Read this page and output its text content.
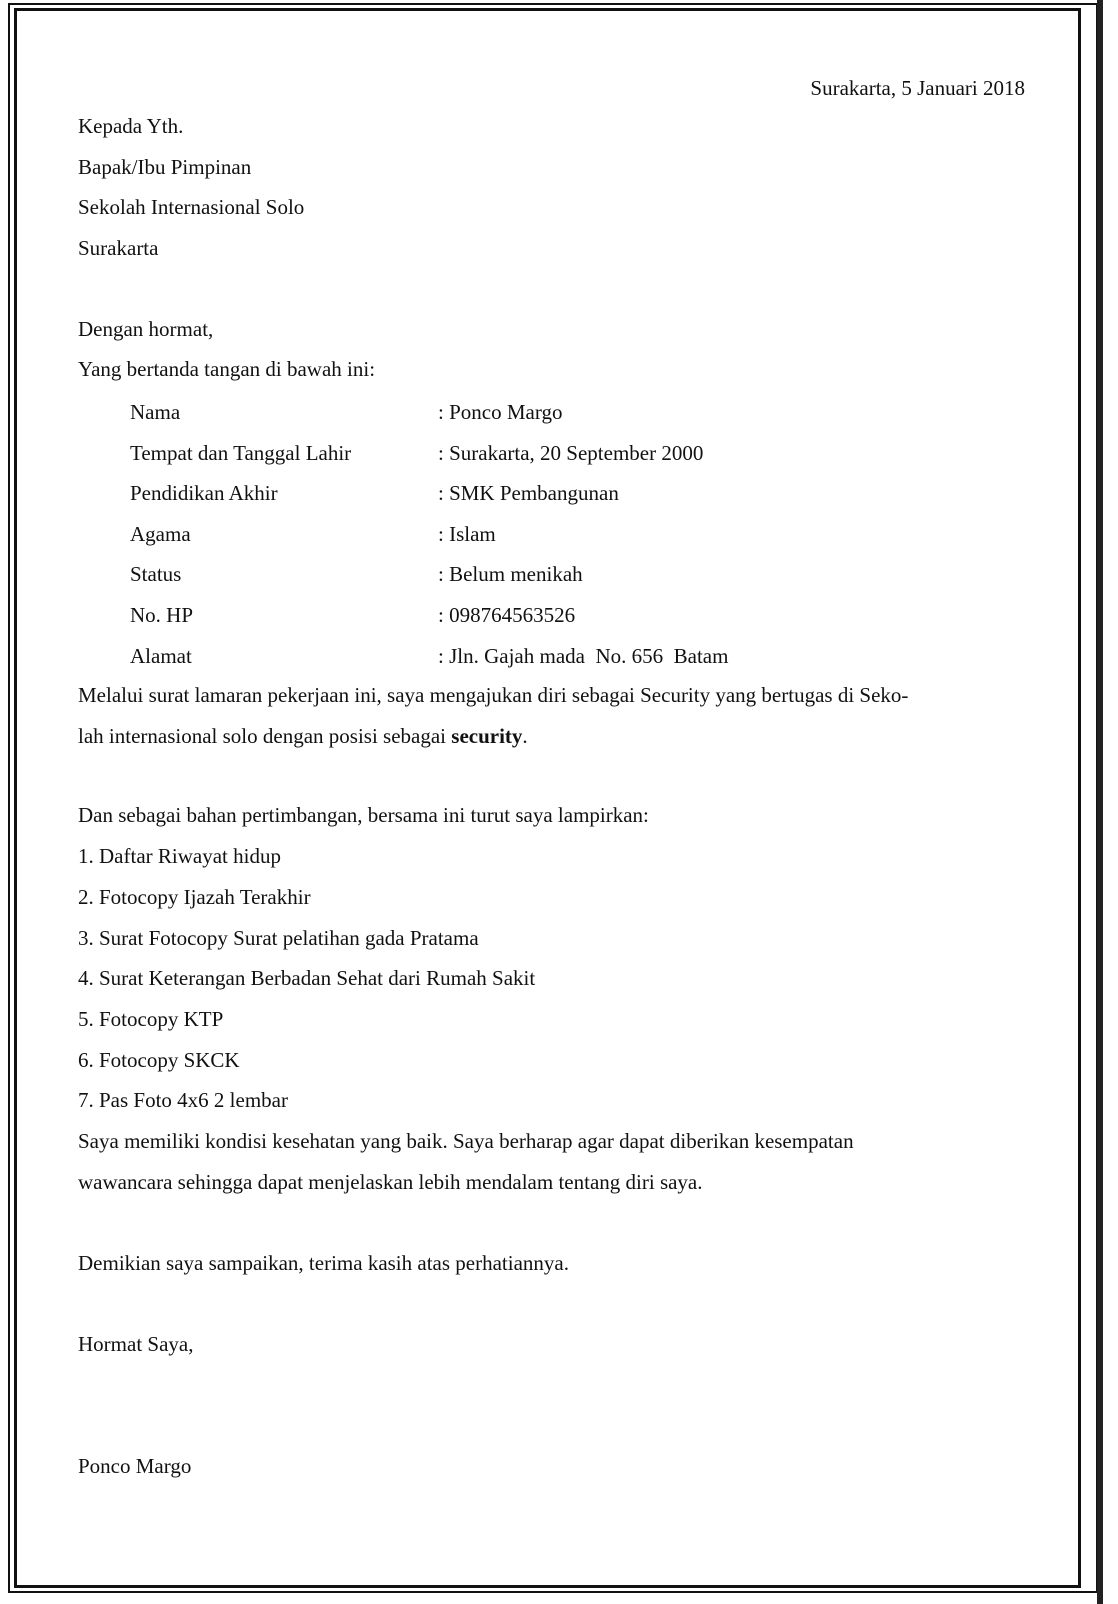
Surakarta, 5 Januari 2018
Kepada Yth.
Bapak/Ibu Pimpinan
Sekolah Internasional Solo
Surakarta
Dengan hormat,
Yang bertanda tangan di bawah ini:
Nama	: Ponco Margo
Tempat dan Tanggal Lahir	: Surakarta, 20 September 2000
Pendidikan Akhir	: SMK Pembangunan
Agama	: Islam
Status	: Belum menikah
No. HP	: 098764563526
Alamat	: Jln. Gajah mada  No. 656  Batam
Melalui surat lamaran pekerjaan ini, saya mengajukan diri sebagai Security yang bertugas di Seko-
lah internasional solo dengan posisi sebagai security.
Dan sebagai bahan pertimbangan, bersama ini turut saya lampirkan:
1. Daftar Riwayat hidup
2. Fotocopy Ijazah Terakhir
3. Surat Fotocopy Surat pelatihan gada Pratama
4. Surat Keterangan Berbadan Sehat dari Rumah Sakit
5. Fotocopy KTP
6. Fotocopy SKCK
7. Pas Foto 4x6 2 lembar
Saya memiliki kondisi kesehatan yang baik. Saya berharap agar dapat diberikan kesempatan
wawancara sehingga dapat menjelaskan lebih mendalam tentang diri saya.
Demikian saya sampaikan, terima kasih atas perhatiannya.
Hormat Saya,
Ponco Margo
